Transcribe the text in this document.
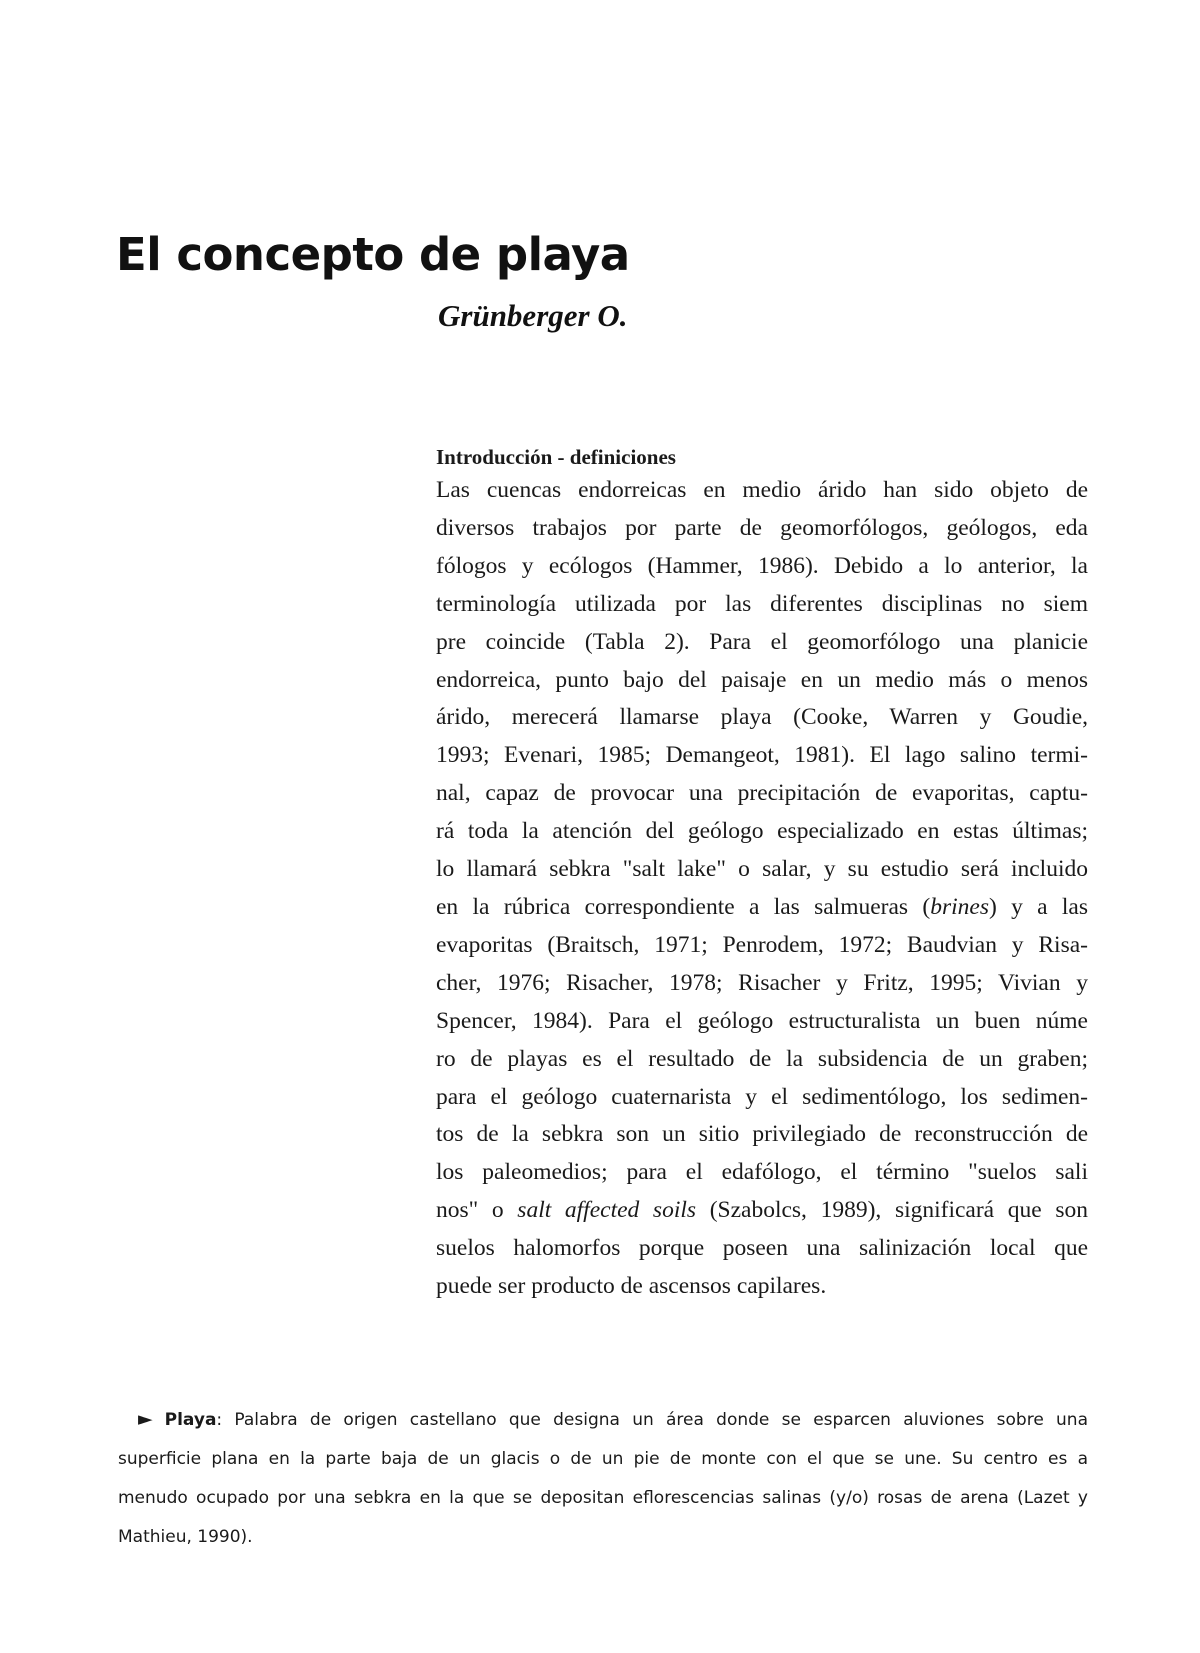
El concepto de playa
Grünberger O.
Introducción - definiciones
Las cuencas endorreicas en medio árido han sido objeto de
diversos trabajos por parte de geomorfólogos, geólogos, eda
fólogos y ecólogos (Hammer, 1986). Debido a lo anterior, la
terminología utilizada por las diferentes disciplinas no siem
pre coincide (Tabla 2). Para el geomorfólogo una planicie
endorreica, punto bajo del paisaje en un medio más o menos
árido, merecerá llamarse playa (Cooke, Warren y Goudie,
1993; Evenari, 1985; Demangeot, 1981). El lago salino termi-
nal, capaz de provocar una precipitación de evaporitas, captu-
rá toda la atención del geólogo especializado en estas últimas;
lo llamará sebkra "salt lake" o salar, y su estudio será incluido
en la rúbrica correspondiente a las salmueras (brines) y a las
evaporitas (Braitsch, 1971; Penrodem, 1972; Baudvian y Risa-
cher, 1976; Risacher, 1978; Risacher y Fritz, 1995; Vivian y
Spencer, 1984). Para el geólogo estructuralista un buen núme
ro de playas es el resultado de la subsidencia de un graben;
para el geólogo cuaternarista y el sedimentólogo, los sedimen-
tos de la sebkra son un sitio privilegiado de reconstrucción de
los paleomedios; para el edafólogo, el término "suelos sali
nos" o salt affected soils (Szabolcs, 1989), significará que son
suelos halomorfos porque poseen una salinización local que
puede ser producto de ascensos capilares.
► Playa: Palabra de origen castellano que designa un área donde se esparcen aluviones sobre una
superficie plana en la parte baja de un glacis o de un pie de monte con el que se une. Su centro es a
menudo ocupado por una sebkra en la que se depositan eflorescencias salinas (y/o) rosas de arena (Lazet y
Mathieu, 1990).
